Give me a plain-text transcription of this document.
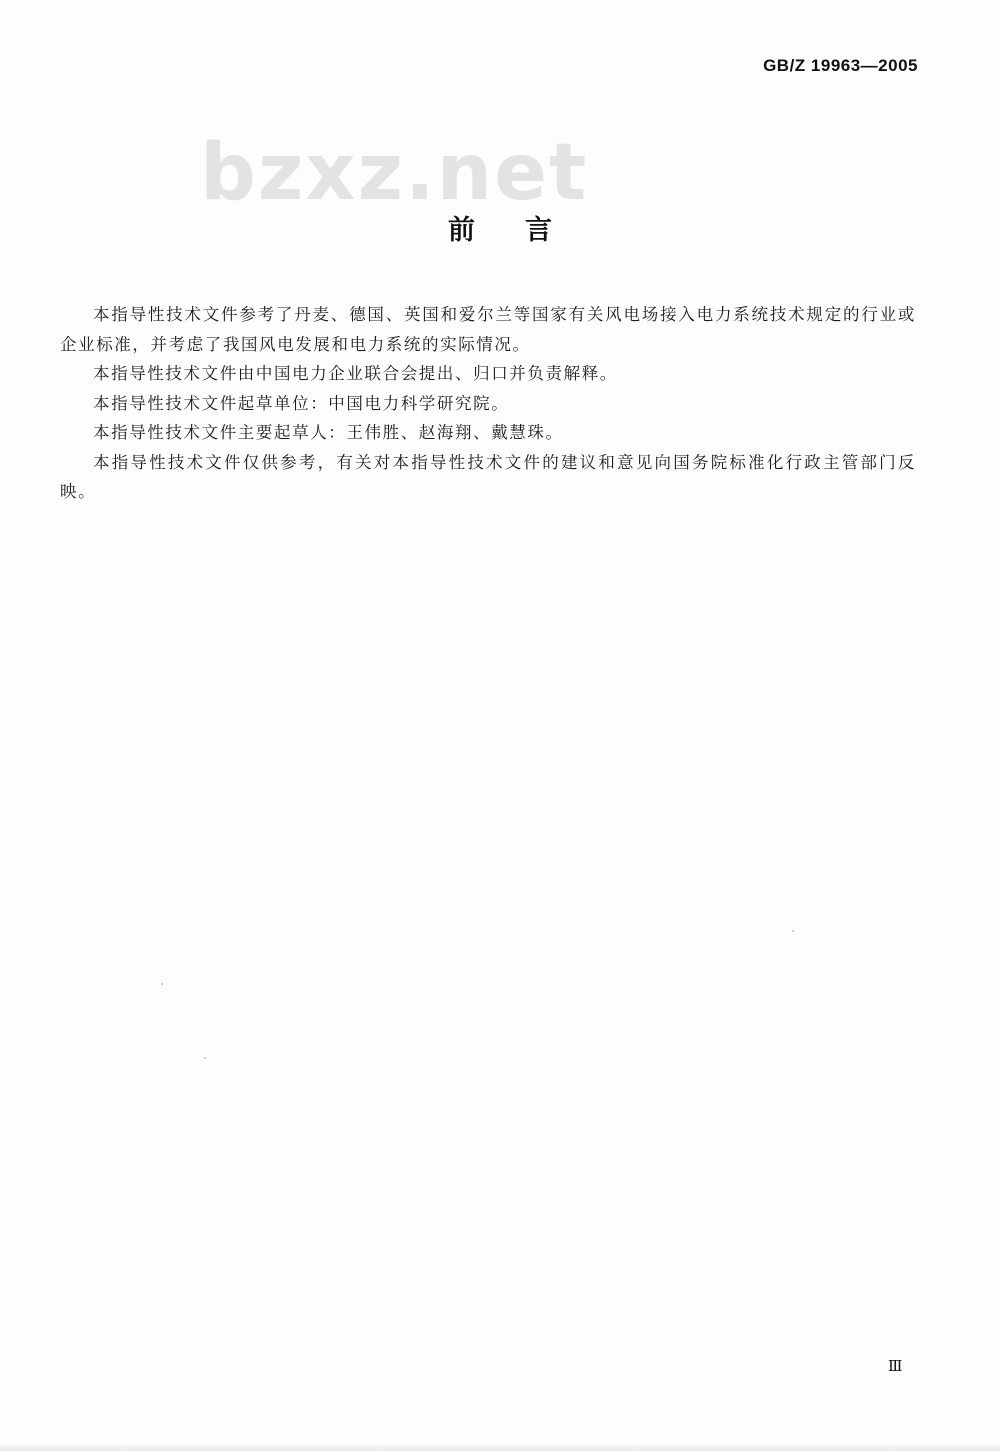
GB/Z 19963—2005
bzxz.net
前言

本指导性技术文件参考了丹麦、德国、英国和爱尔兰等国家有关风电场接入电力系统技术规定的行业或企业标准，并考虑了我国风电发展和电力系统的实际情况。

本指导性技术文件由中国电力企业联合会提出、归口并负责解释。

本指导性技术文件起草单位：中国电力科学研究院。

本指导性技术文件主要起草人：王伟胜、赵海翔、戴慧珠。

本指导性技术文件仅供参考，有关对本指导性技术文件的建议和意见向国务院标准化行政主管部门反映。

Ⅲ
